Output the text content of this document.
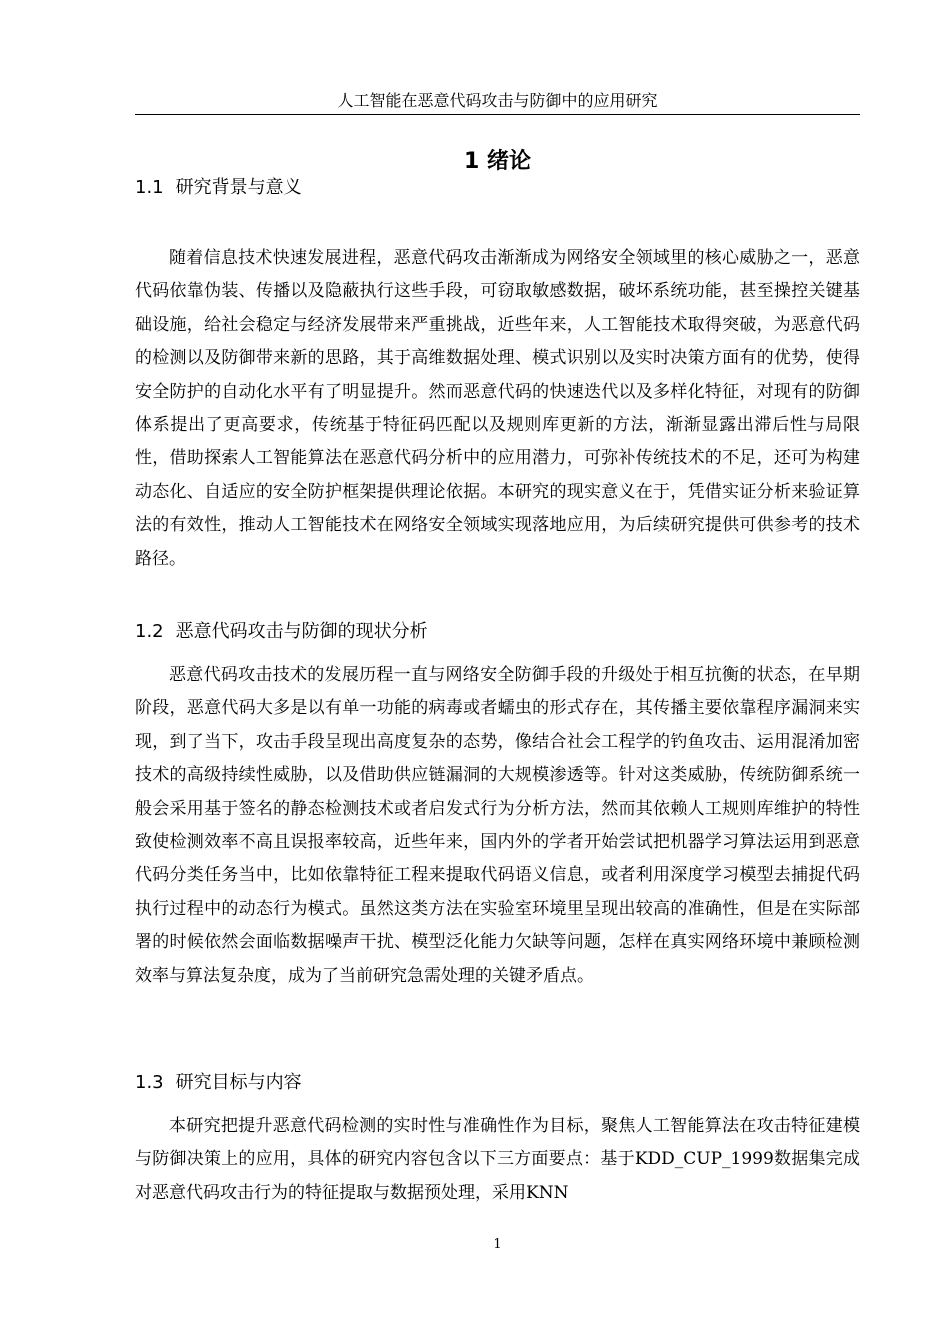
人工智能在恶意代码攻击与防御中的应用研究
1 绪论
1.1 研究背景与意义

随着信息技术快速发展进程，恶意代码攻击渐渐成为网络安全领域里的核心威胁之一，恶意代码依靠伪装、传播以及隐蔽执行这些手段，可窃取敏感数据，破坏系统功能，甚至操控关键基础设施，给社会稳定与经济发展带来严重挑战，近些年来，人工智能技术取得突破，为恶意代码的检测以及防御带来新的思路，其于高维数据处理、模式识别以及实时决策方面有的优势，使得安全防护的自动化水平有了明显提升。然而恶意代码的快速迭代以及多样化特征，对现有的防御体系提出了更高要求，传统基于特征码匹配以及规则库更新的方法，渐渐显露出滞后性与局限性，借助探索人工智能算法在恶意代码分析中的应用潜力，可弥补传统技术的不足，还可为构建动态化、自适应的安全防护框架提供理论依据。本研究的现实意义在于，凭借实证分析来验证算法的有效性，推动人工智能技术在网络安全领域实现落地应用，为后续研究提供可供参考的技术路径。

1.2 恶意代码攻击与防御的现状分析

恶意代码攻击技术的发展历程一直与网络安全防御手段的升级处于相互抗衡的状态，在早期阶段，恶意代码大多是以有单一功能的病毒或者蠕虫的形式存在，其传播主要依靠程序漏洞来实现，到了当下，攻击手段呈现出高度复杂的态势，像结合社会工程学的钓鱼攻击、运用混淆加密技术的高级持续性威胁，以及借助供应链漏洞的大规模渗透等。针对这类威胁，传统防御系统一般会采用基于签名的静态检测技术或者启发式行为分析方法，然而其依赖人工规则库维护的特性致使检测效率不高且误报率较高，近些年来，国内外的学者开始尝试把机器学习算法运用到恶意代码分类任务当中，比如依靠特征工程来提取代码语义信息，或者利用深度学习模型去捕捉代码执行过程中的动态行为模式。虽然这类方法在实验室环境里呈现出较高的准确性，但是在实际部署的时候依然会面临数据噪声干扰、模型泛化能力欠缺等问题，怎样在真实网络环境中兼顾检测效率与算法复杂度，成为了当前研究急需处理的关键矛盾点。

1.3 研究目标与内容

本研究把提升恶意代码检测的实时性与准确性作为目标，聚焦人工智能算法在攻击特征建模与防御决策上的应用，具体的研究内容包含以下三方面要点：基于KDD_CUP_1999数据集完成对恶意代码攻击行为的特征提取与数据预处理，采用KNN

1
